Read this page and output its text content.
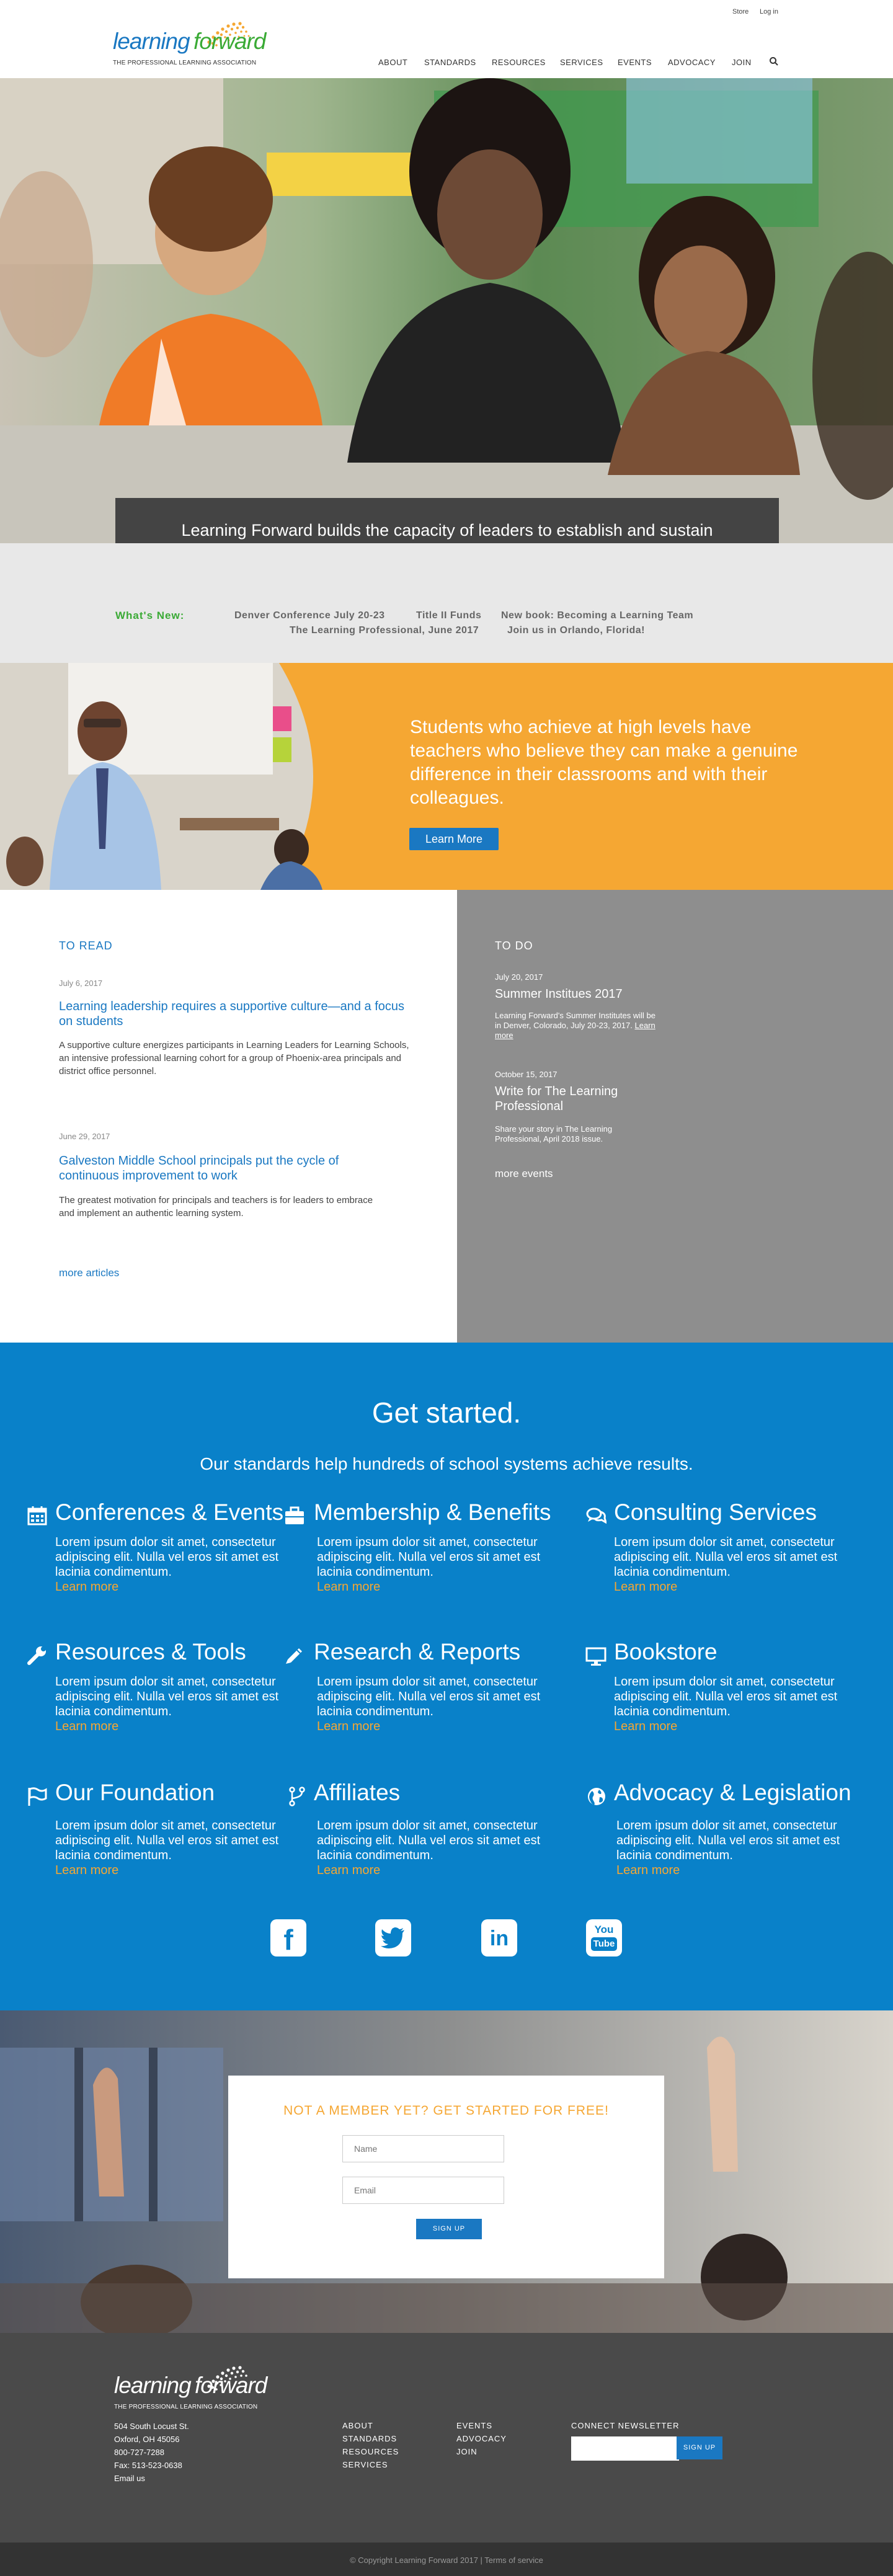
Store Log in
learning forward
THE PROFESSIONAL LEARNING ASSOCIATION	ABOUT STANDARDS RESOURCES SERVICES EVENTS ADVOCACY JOIN
Learning Forward builds the capacity of leaders to establish and sustain
What's New:	Denver Conference July 20-23	Title II Funds New book: Becoming a Learning Team
The Learning Professional, June 2017	Join us in Orlando, Florida!
Students who achieve at high levels have teachers who believe they can make a genuine difference in their classrooms and with their colleagues.
Learn More
TO READ
July 6, 2017
Learning leadership requires a supportive culture—and a focus on students
A supportive culture energizes participants in Learning Leaders for Learning Schools, an intensive professional learning cohort for a group of Phoenix-area principals and district office personnel.
June 29, 2017
Galveston Middle School principals put the cycle of continuous improvement to work
The greatest motivation for principals and teachers is for leaders to embrace and implement an authentic learning system.
more articles
TO DO
July 20, 2017
Summer Institues 2017
Learning Forward's Summer Institutes will be in Denver, Colorado, July 20-23, 2017. Learn more
October 15, 2017
Write for The Learning Professional
Share your story in The Learning Professional, April 2018 issue.
more events
Get started.
Our standards help hundreds of school systems achieve results.
Conferences & Events
Lorem ipsum dolor sit amet, consectetur adipiscing elit. Nulla vel eros sit amet est lacinia condimentum.
Learn more
Membership & Benefits
Lorem ipsum dolor sit amet, consectetur adipiscing elit. Nulla vel eros sit amet est lacinia condimentum.
Learn more
Consulting Services
Lorem ipsum dolor sit amet, consectetur adipiscing elit. Nulla vel eros sit amet est lacinia condimentum.
Learn more
Resources & Tools
Lorem ipsum dolor sit amet, consectetur adipiscing elit. Nulla vel eros sit amet est lacinia condimentum.
Learn more
Research & Reports
Lorem ipsum dolor sit amet, consectetur adipiscing elit. Nulla vel eros sit amet est lacinia condimentum.
Learn more
Bookstore
Lorem ipsum dolor sit amet, consectetur adipiscing elit. Nulla vel eros sit amet est lacinia condimentum.
Learn more
Our Foundation
Lorem ipsum dolor sit amet, consectetur adipiscing elit. Nulla vel eros sit amet est lacinia condimentum.
Learn more
Affiliates
Lorem ipsum dolor sit amet, consectetur adipiscing elit. Nulla vel eros sit amet est lacinia condimentum.
Learn more
Advocacy & Legislation
Lorem ipsum dolor sit amet, consectetur adipiscing elit. Nulla vel eros sit amet est lacinia condimentum.
Learn more
f	in	You
Tube
NOT A MEMBER YET? GET STARTED FOR FREE!
Name
Email
SIGN UP
learning forward
THE PROFESSIONAL LEARNING ASSOCIATION
504 South Locust St.
Oxford, OH 45056
800-727-7288
Fax: 513-523-0638
Email us
ABOUT
STANDARDS
RESOURCES
SERVICES
EVENTS
ADVOCACY
JOIN
CONNECT NEWSLETTER
SIGN UP
© Copyright Learning Forward 2017 | Terms of service
